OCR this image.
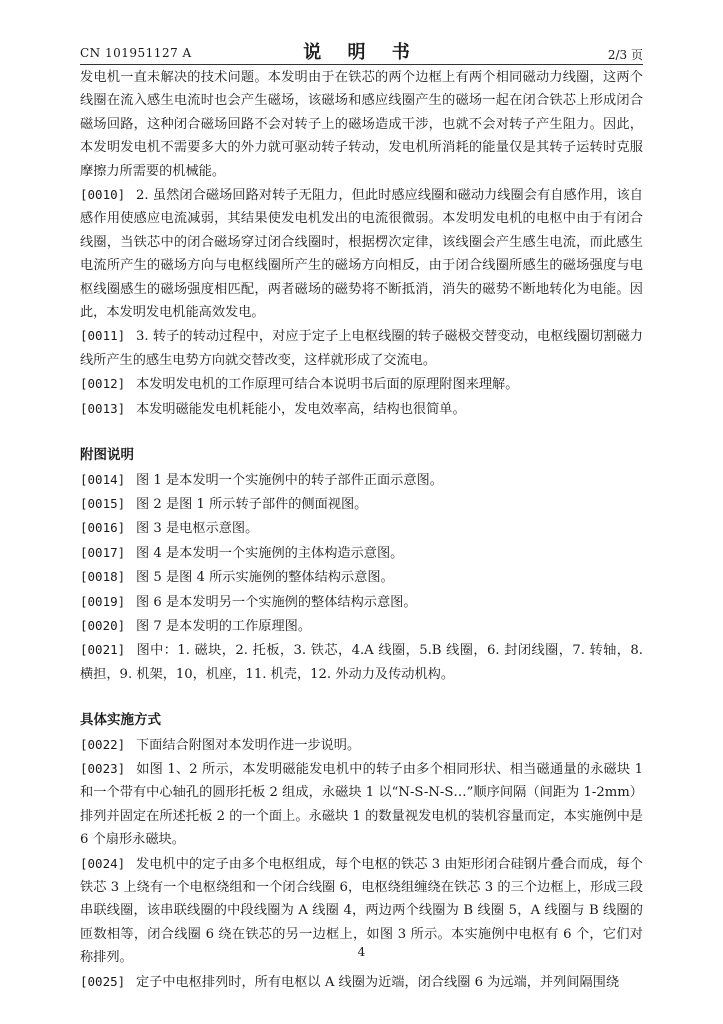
CN 101951127 A	说 明 书	2/3 页

发电机一直未解决的技术问题。本发明由于在铁芯的两个边框上有两个相同磁动力线圈，这两个线圈在流入感生电流时也会产生磁场，该磁场和感应线圈产生的磁场一起在闭合铁芯上形成闭合磁场回路，这种闭合磁场回路不会对转子上的磁场造成干涉，也就不会对转子产生阻力。因此，本发明发电机不需要多大的外力就可驱动转子转动，发电机所消耗的能量仅是其转子运转时克服摩擦力所需要的机械能。

[0010] 2. 虽然闭合磁场回路对转子无阻力，但此时感应线圈和磁动力线圈会有自感作用，该自感作用使感应电流减弱，其结果使发电机发出的电流很微弱。本发明发电机的电枢中由于有闭合线圈，当铁芯中的闭合磁场穿过闭合线圈时，根据楞次定律，该线圈会产生感生电流，而此感生电流所产生的磁场方向与电枢线圈所产生的磁场方向相反，由于闭合线圈所感生的磁场强度与电枢线圈感生的磁场强度相匹配，两者磁场的磁势将不断抵消，消失的磁势不断地转化为电能。因此，本发明发电机能高效发电。

[0011] 3. 转子的转动过程中，对应于定子上电枢线圈的转子磁极交替变动，电枢线圈切割磁力线所产生的感生电势方向就交替改变，这样就形成了交流电。

[0012] 本发明发电机的工作原理可结合本说明书后面的原理附图来理解。

[0013] 本发明磁能发电机耗能小，发电效率高，结构也很简单。

附图说明

[0014] 图 1 是本发明一个实施例中的转子部件正面示意图。

[0015] 图 2 是图 1 所示转子部件的侧面视图。

[0016] 图 3 是电枢示意图。

[0017] 图 4 是本发明一个实施例的主体构造示意图。

[0018] 图 5 是图 4 所示实施例的整体结构示意图。

[0019] 图 6 是本发明另一个实施例的整体结构示意图。

[0020] 图 7 是本发明的工作原理图。

[0021] 图中：1. 磁块，2. 托板，3. 铁芯，4.A 线圈，5.B 线圈，6. 封闭线圈，7. 转轴，8. 横担，9. 机架，10，机座，11. 机壳，12. 外动力及传动机构。

具体实施方式

[0022] 下面结合附图对本发明作进一步说明。

[0023] 如图 1、2 所示，本发明磁能发电机中的转子由多个相同形状、相当磁通量的永磁块 1 和一个带有中心轴孔的圆形托板 2 组成，永磁块 1 以“N-S-N-S…”顺序间隔（间距为 1-2mm）排列并固定在所述托板 2 的一个面上。永磁块 1 的数量视发电机的装机容量而定，本实施例中是 6 个扇形永磁块。

[0024] 发电机中的定子由多个电枢组成，每个电枢的铁芯 3 由矩形闭合硅钢片叠合而成，每个铁芯 3 上绕有一个电枢绕组和一个闭合线圈 6，电枢绕组缠绕在铁芯 3 的三个边框上，形成三段串联线圈，该串联线圈的中段线圈为 A 线圈 4，两边两个线圈为 B 线圈 5，A 线圈与 B 线圈的匝数相等，闭合线圈 6 绕在铁芯的另一边框上，如图 3 所示。本实施例中电枢有 6 个，它们对称排列。

[0025] 定子中电枢排列时，所有电枢以 A 线圈为近端，闭合线圈 6 为远端，并列间隔围绕

4
